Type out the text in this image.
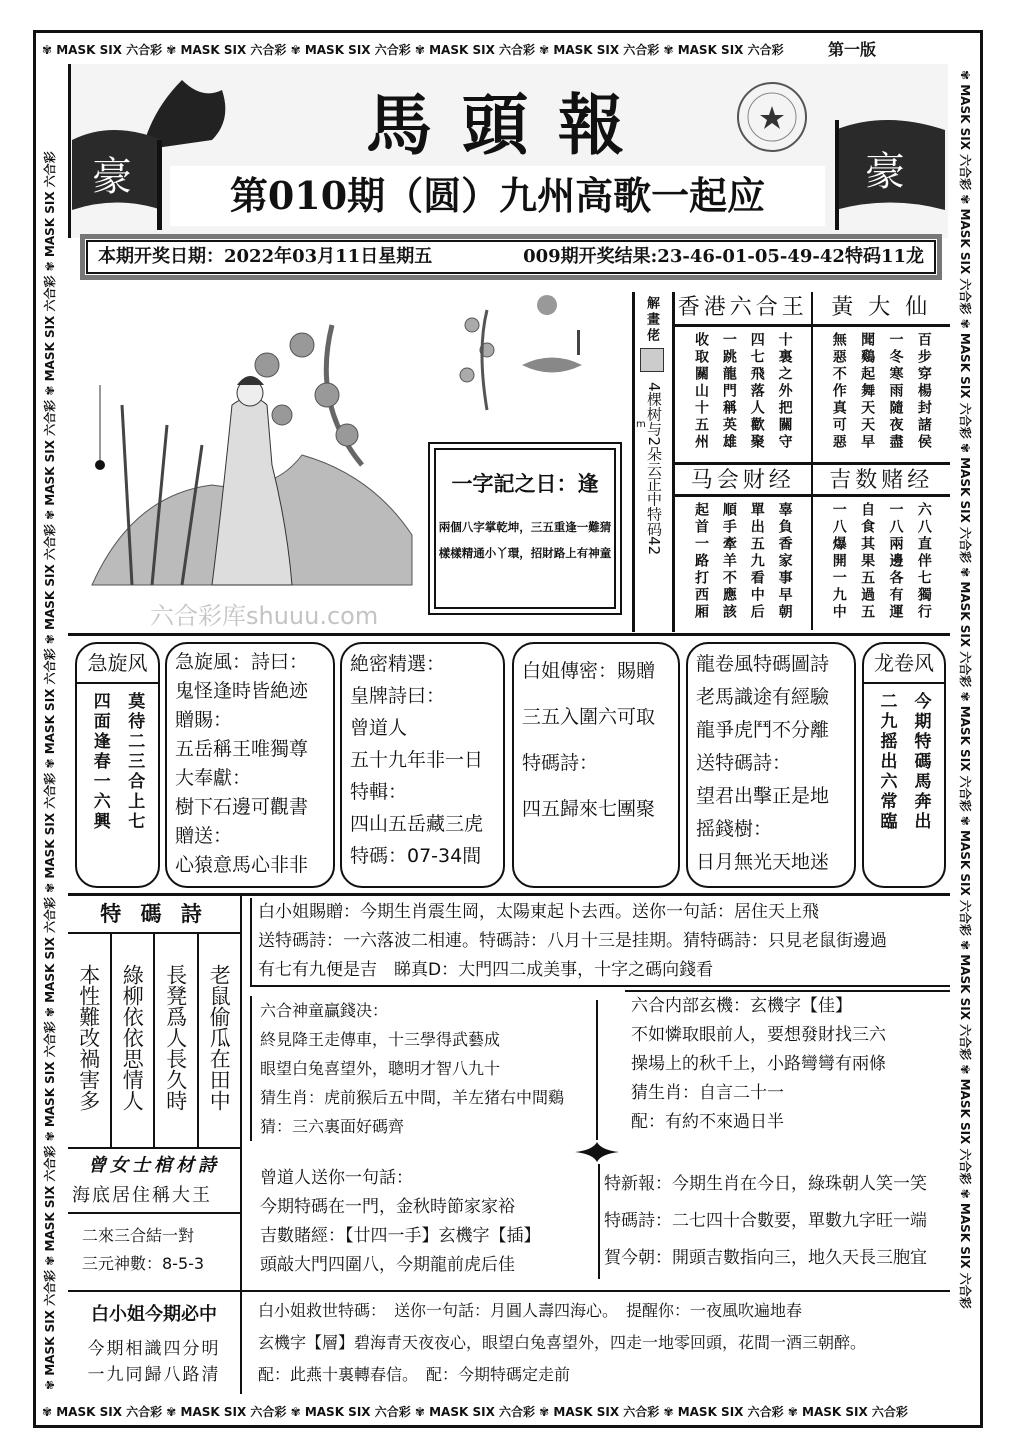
✾ MASK SIX 六合彩 ✾ MASK SIX 六合彩 ✾ MASK SIX 六合彩 ✾ MASK SIX 六合彩 ✾ MASK SIX 六合彩 ✾ MASK SIX 六合彩
✾ MASK SIX 六合彩 ✾ MASK SIX 六合彩 ✾ MASK SIX 六合彩 ✾ MASK SIX 六合彩 ✾ MASK SIX 六合彩 ✾ MASK SIX 六合彩 ✾ MASK SIX 六合彩
✾ MASK SIX 六合彩 ✾ MASK SIX 六合彩 ✾ MASK SIX 六合彩 ✾ MASK SIX 六合彩 ✾ MASK SIX 六合彩 ✾ MASK SIX 六合彩 ✾ MASK SIX 六合彩 ✾ MASK SIX 六合彩 ✾ MASK SIX 六合彩 ✾ MASK SIX 六合彩	✾ MASK SIX 六合彩 ✾ MASK SIX 六合彩 ✾ MASK SIX 六合彩 ✾ MASK SIX 六合彩 ✾ MASK SIX 六合彩 ✾ MASK SIX 六合彩 ✾ MASK SIX 六合彩 ✾ MASK SIX 六合彩 ✾ MASK SIX 六合彩 ✾ MASK SIX 六合彩
第一版
豪	豪
馬頭報
第010期（圆）九州高歌一起应
本期开奖日期：2022年03月11日星期五	009期开奖结果:23-46-01-05-49-42特码11龙
六合彩库shuuu.com
一字記之日：逢
兩個八字掌乾坤，三五重逢一難猜
樣樣精通小丫環，招財路上有神童
解畫佬
4棵树与2朵云正中特码42
m
香港六合王	黃 大 仙
十裏之外把關守
四七飛落人歡聚
一跳龍門稱英雄
收取關山十五州	百步穿楊封諸侯
一冬寒雨隨夜盡
聞鷄起舞天天早
無惡不作真可惡
马会财经	吉数赌经
辜負香家事早朝
單出五九看中后
順手牽羊不應該
起首一路打西厢	六八直伴七獨行
一八兩邊各有運
自食其果五過五
一八爆開一九中
急旋风
莫待二三合上七
四面逢春一六興
急旋風：詩曰：
鬼怪逢時皆絶迹
贈賜：
五岳稱王唯獨尊
大奉獻：
樹下石邊可觀書
贈送：
心猿意馬心非非
絶密精選：
皇牌詩曰：
曾道人
五十九年非一日
特輯：
四山五岳藏三虎
特碼：07-34間
白姐傳密：賜贈
三五入圍六可取
特碼詩：
四五歸來七團聚
龍卷風特碼圖詩
老馬識途有經驗
龍爭虎鬥不分離
送特碼詩：
望君出擊正是地
摇錢樹：
日月無光天地迷
龙卷风
今期特碼馬奔出
二九摇出六常臨
特 碼 詩
本性難改禍害多 綠柳依依思情人 長凳爲人長久時 老鼠偷瓜在田中
曾女士棺材詩
海底居住稱大王
二來三合結一對
三元神數：8-5-3
白小姐今期必中
今期相識四分明
一九同歸八路清
白小姐賜贈：今期生肖震生岡，太陽東起卜去西。送你一句話：居住天上飛
送特碼詩：一六落波二相連。特碼詩：八月十三是挂期。猜特碼詩：只見老鼠街邊過
有七有九便是吉　睇真D：大門四二成美事，十字之碼向錢看
六合神童贏錢决：
終見降王走傳車，十三學得武藝成
眼望白兔喜望外，聰明才智八九十
猜生肖：虎前猴后五中間，羊左猪右中間鷄
猜：三六裏面好碼齊
六合内部玄機：玄機字【佳】
不如憐取眼前人，要想發財找三六
操場上的秋千上，小路彎彎有兩條
猜生肖：自言二十一
配：有約不來過日半
曾道人送你一句話：
今期特碼在一門，金秋時節家家裕
吉數賭經：【廿四一手】玄機字【插】
頭敲大門四圍八，今期龍前虎后佳
特新報：今期生肖在今日，綠珠朝人笑一笑
特碼詩：二七四十合數要，單數九字旺一端
賀今朝：開頭吉數指向三，地久天長三胞宜
白小姐救世特碼：　送你一句話：月圓人壽四海心。　提醒你：一夜風吹遍地春
玄機字【層】碧海青天夜夜心，眼望白兔喜望外，四走一地零回頭，花間一酒三朝醉。
配：此燕十裏轉春信。　配：今期特碼定走前
